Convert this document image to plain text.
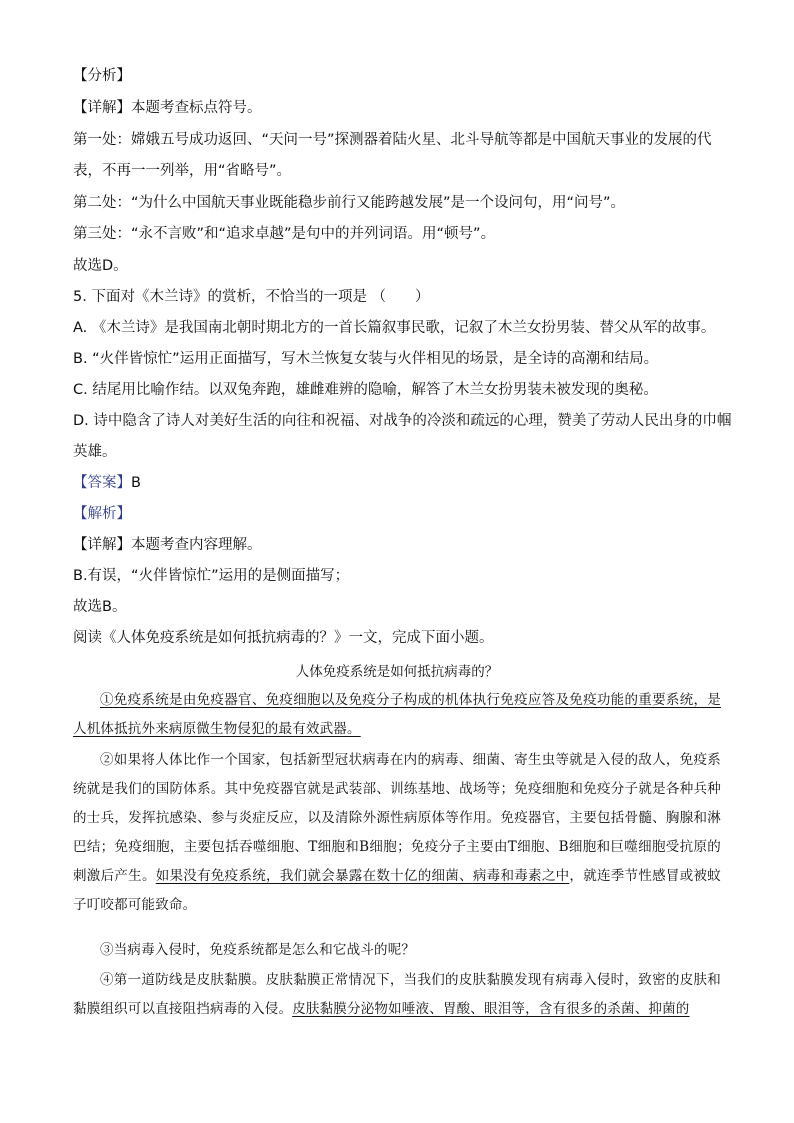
【分析】
【详解】本题考查标点符号。
第一处：嫦娥五号成功返回、“天问一号”探测器着陆火星、北斗导航等都是中国航天事业的发展的代
表，不再一一列举，用“省略号”。
第二处：“为什么中国航天事业既能稳步前行又能跨越发展”是一个设问句，用“问号”。
第三处：“永不言败”和“追求卓越”是句中的并列词语。用“顿号”。
故选D。
5. 下面对《木兰诗》的赏析，不恰当的一项是 （　　）
A. 《木兰诗》是我国南北朝时期北方的一首长篇叙事民歌，记叙了木兰女扮男装、替父从军的故事。
B. “火伴皆惊忙”运用正面描写，写木兰恢复女装与火伴相见的场景，是全诗的高潮和结局。
C. 结尾用比喻作结。以双兔奔跑，雄雌难辨的隐喻，解答了木兰女扮男装未被发现的奥秘。
D. 诗中隐含了诗人对美好生活的向往和祝福、对战争的冷淡和疏远的心理，赞美了劳动人民出身的巾帼
英雄。
【答案】B
【解析】
【详解】本题考查内容理解。
B.有误，“火伴皆惊忙”运用的是侧面描写；
故选B。
阅读《人体免疫系统是如何抵抗病毒的？》一文，完成下面小题。
人体免疫系统是如何抵抗病毒的？
①免疫系统是由免疫器官、免疫细胞以及免疫分子构成的机体执行免疫应答及免疫功能的重要系统，是人机体抵抗外来病原微生物侵犯的最有效武器。
②如果将人体比作一个国家，包括新型冠状病毒在内的病毒、细菌、寄生虫等就是入侵的敌人，免疫系统就是我们的国防体系。其中免疫器官就是武装部、训练基地、战场等；免疫细胞和免疫分子就是各种兵种的士兵，发挥抗感染、参与炎症反应，以及清除外源性病原体等作用。免疫器官，主要包括骨髓、胸腺和淋巴结；免疫细胞，主要包括吞噬细胞、T细胞和B细胞；免疫分子主要由T细胞、B细胞和巨噬细胞受抗原的刺激后产生。如果没有免疫系统，我们就会暴露在数十亿的细菌、病毒和毒素之中，就连季节性感冒或被蚊子叮咬都可能致命。
③当病毒入侵时，免疫系统都是怎么和它战斗的呢？
④第一道防线是皮肤黏膜。皮肤黏膜正常情况下，当我们的皮肤黏膜发现有病毒入侵时，致密的皮肤和黏膜组织可以直接阻挡病毒的入侵。皮肤黏膜分泌物如唾液、胃酸、眼泪等，含有很多的杀菌、抑菌的
